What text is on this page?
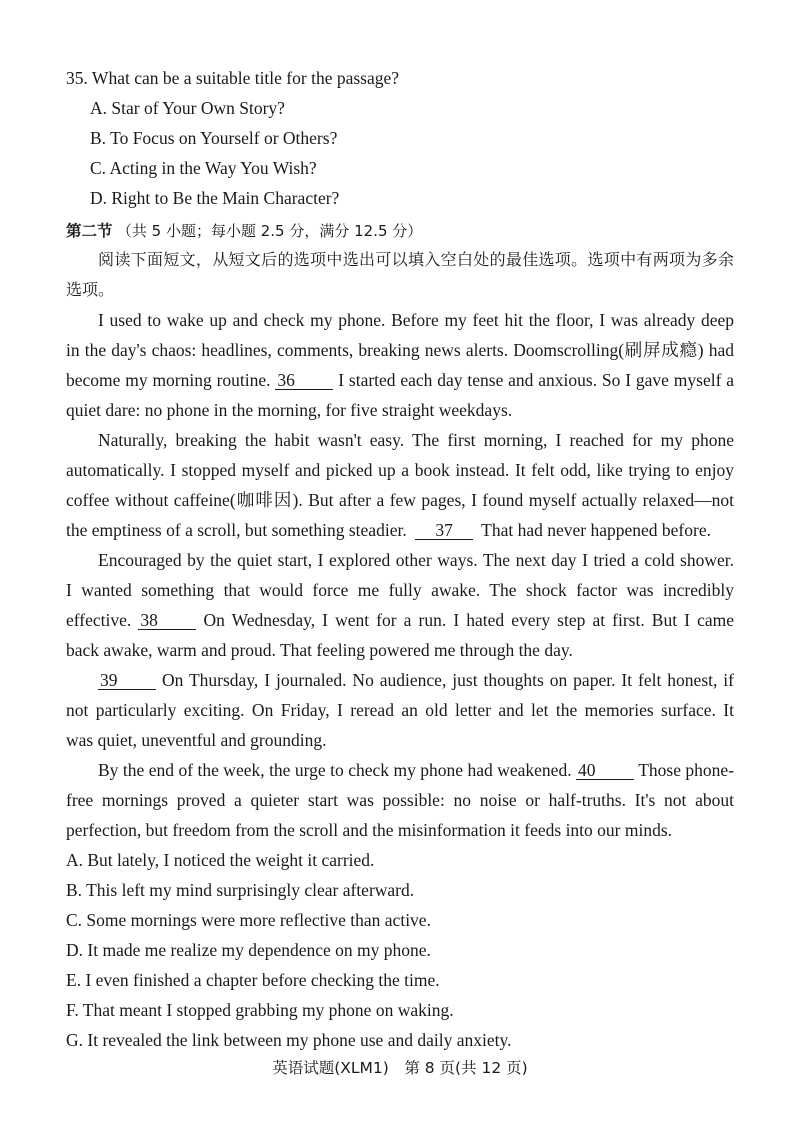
35. What can be a suitable title for the passage?
A. Star of Your Own Story?
B. To Focus on Yourself or Others?
C. Acting in the Way You Wish?
D. Right to Be the Main Character?
第二节 （共 5 小题；每小题 2.5 分，满分 12.5 分）
阅读下面短文，从短文后的选项中选出可以填入空白处的最佳选项。选项中有两项为多余
选项。
I used to wake up and check my phone. Before my feet hit the floor, I was already deep
in the day's chaos: headlines, comments, breaking news alerts. Doomscrolling(刷屏成瘾) had
become my morning routine. 36 I started each day tense and anxious. So I gave myself a
quiet dare: no phone in the morning, for five straight weekdays.
Naturally, breaking the habit wasn't easy. The first morning, I reached for my phone
automatically. I stopped myself and picked up a book instead. It felt odd, like trying to enjoy
coffee without caffeine(咖啡因). But after a few pages, I found myself actually relaxed—not
the emptiness of a scroll, but something steadier. 37 That had never happened before.
Encouraged by the quiet start, I explored other ways. The next day I tried a cold shower.
I wanted something that would force me fully awake. The shock factor was incredibly
effective. 38	On Wednesday, I went for a run. I hated every step at first. But I came
back awake, warm and proud. That feeling powered me through the day.
39	On Thursday, I journaled. No audience, just thoughts on paper. It felt honest, if
not particularly exciting. On Friday, I reread an old letter and let the memories surface. It
was quiet, uneventful and grounding.
By the end of the week, the urge to check my phone had weakened. 40 Those phone-
free mornings proved a quieter start was possible: no noise or half-truths. It's not about
perfection, but freedom from the scroll and the misinformation it feeds into our minds.
A. But lately, I noticed the weight it carried.
B. This left my mind surprisingly clear afterward.
C. Some mornings were more reflective than active.
D. It made me realize my dependence on my phone.
E. I even finished a chapter before checking the time.
F. That meant I stopped grabbing my phone on waking.
G. It revealed the link between my phone use and daily anxiety.
英语试题(XLM1)　第 8 页(共 12 页)
